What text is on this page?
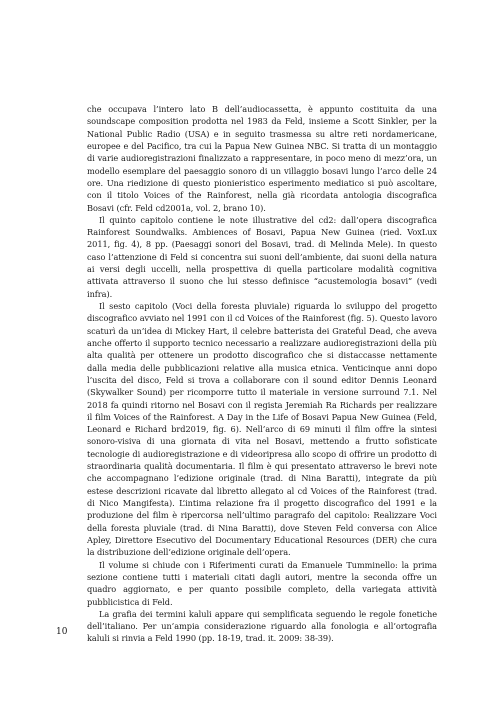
che occupava l’intero lato B dell’audiocassetta, è appunto costituita da una soundscape composition prodotta nel 1983 da Feld, insieme a Scott Sinkler, per la National Public Radio (USA) e in seguito trasmessa su altre reti nordamericane, europee e del Pacifico, tra cui la Papua New Guinea NBC. Si tratta di un montaggio di varie audioregistrazioni finalizzato a rappresentare, in poco meno di mezz’ora, un modello esemplare del paesaggio sonoro di un villaggio bosavi lungo l’arco delle 24 ore. Una riedizione di questo pionieristico esperimento mediatico si può ascoltare, con il titolo Voices of the Rainforest, nella già ricordata antologia discografica Bosavi (cfr. Feld cd2001a, vol. 2, brano 10).

Il quinto capitolo contiene le note illustrative del cd2: dall’opera discografica Rainforest Soundwalks. Ambiences of Bosavi, Papua New Guinea (ried. VoxLux 2011, fig. 4), 8 pp. (Paesaggi sonori del Bosavi, trad. di Melinda Mele). In questo caso l’attenzione di Feld si concentra sui suoni dell’ambiente, dai suoni della natura ai versi degli uccelli, nella prospettiva di quella particolare modalità cognitiva attivata attraverso il suono che lui stesso definisce “acustemologia bosavi” (vedi infra).

Il sesto capitolo (Voci della foresta pluviale) riguarda lo sviluppo del progetto discografico avviato nel 1991 con il cd Voices of the Rainforest (fig. 5). Questo lavoro scaturì da un’idea di Mickey Hart, il celebre batterista dei Grateful Dead, che aveva anche offerto il supporto tecnico necessario a realizzare audioregistrazioni della più alta qualità per ottenere un prodotto discografico che si distaccasse nettamente dalla media delle pubblicazioni relative alla musica etnica. Venticinque anni dopo l’uscita del disco, Feld si trova a collaborare con il sound editor Dennis Leonard (Skywalker Sound) per ricomporre tutto il materiale in versione surround 7.1. Nel 2018 fa quindi ritorno nel Bosavi con il regista Jeremiah Ra Richards per realizzare il film Voices of the Rainforest. A Day in the Life of Bosavi Papua New Guinea (Feld, Leonard e Richard brd2019, fig. 6). Nell’arco di 69 minuti il film offre la sintesi sonoro-visiva di una giornata di vita nel Bosavi, mettendo a frutto sofisticate tecnologie di audioregistrazione e di videoripresa allo scopo di offrire un prodotto di straordinaria qualità documentaria. Il film è qui presentato attraverso le brevi note che accompagnano l’edizione originale (trad. di Nina Baratti), integrate da più estese descrizioni ricavate dal libretto allegato al cd Voices of the Rainforest (trad. di Nico Mangifesta). L’intima relazione fra il progetto discografico del 1991 e la produzione del film è ripercorsa nell’ultimo paragrafo del capitolo: Realizzare Voci della foresta pluviale (trad. di Nina Baratti), dove Steven Feld conversa con Alice Apley, Direttore Esecutivo del Documentary Educational Resources (DER) che cura la distribuzione dell’edizione originale dell’opera.

Il volume si chiude con i Riferimenti curati da Emanuele Tumminello: la prima sezione contiene tutti i materiali citati dagli autori, mentre la seconda offre un quadro aggiornato, e per quanto possibile completo, della variegata attività pubblicistica di Feld.

La grafia dei termini kaluli appare qui semplificata seguendo le regole fonetiche dell’italiano. Per un’ampia considerazione riguardo alla fonologia e all’ortografia kaluli si rinvia a Feld 1990 (pp. 18-19, trad. it. 2009: 38-39).

10
